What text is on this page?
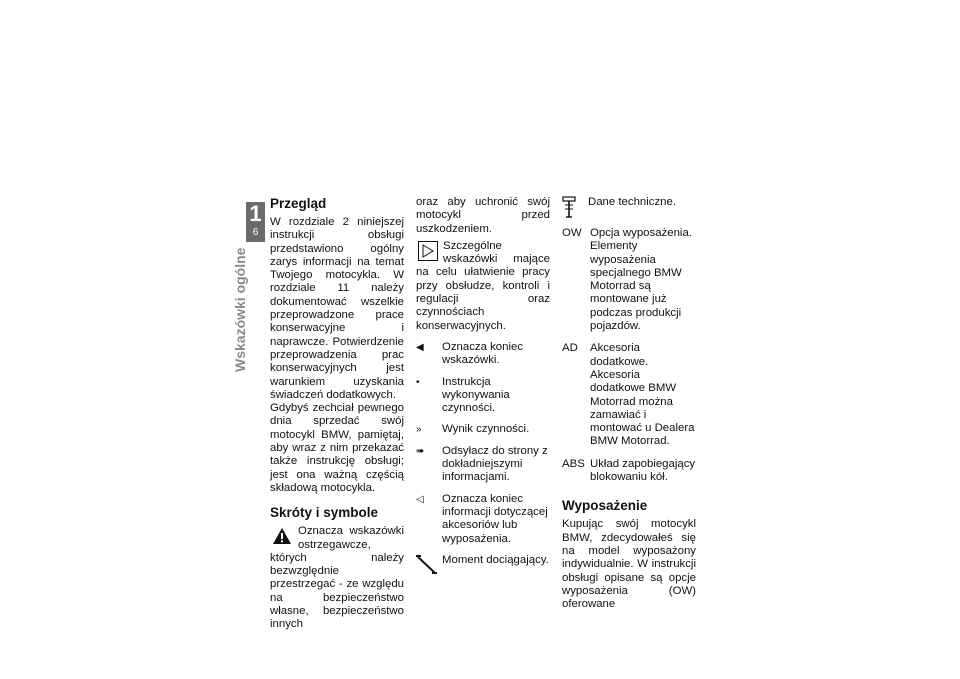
1
6
Wskazówki ogólne
Przegląd

W rozdziale 2 niniejszej instrukcji obsługi przedstawiono ogólny zarys informacji na temat Twojego motocykla. W rozdziale 11 należy dokumentować wszelkie przeprowadzone prace konserwacyjne i naprawcze. Potwierdzenie przeprowadzenia prac konserwacyjnych jest warunkiem uzyskania świadczeń dodatkowych.

Gdybyś zechciał pewnego dnia sprzedać swój motocykl BMW, pamiętaj, aby wraz z nim przekazać także instrukcję obsługi; jest ona ważną częścią składową motocykla.

Skróty i symbole

Oznacza wskazówki ostrzegawcze, których należy bezwzględnie przestrzegać - ze względu na bezpieczeństwo własne, bezpieczeństwo innych

oraz aby uchronić swój motocykl przed uszkodzeniem.

Szczególne wskazówki mające na celu ułatwienie pracy przy obsłudze, kontroli i regulacji oraz czynnościach konserwacyjnych.

◀	Oznacza koniec wskazówki.
•	Instrukcja wykonywania czynności.
»	Wynik czynności.
➠	Odsyłacz do strony z dokładniejszymi informacjami.
◁	Oznacza koniec informacji dotyczącej akcesoriów lub wyposażenia.
Moment dociągający.
Dane techniczne.
OW Opcja wyposażenia. Elementy wyposażenia specjalnego BMW Motorrad są montowane już podczas produkcji pojazdów.
AD	Akcesoria dodatkowe. Akcesoria dodatkowe BMW Motorrad można zamawiać i montować u Dealera BMW Motorrad.
ABS Układ zapobiegający blokowaniu kół.
Wyposażenie

Kupując swój motocykl BMW, zdecydowałeś się na model wyposażony indywidualnie. W instrukcji obsługi opisane są opcje wyposażenia (OW) oferowane
